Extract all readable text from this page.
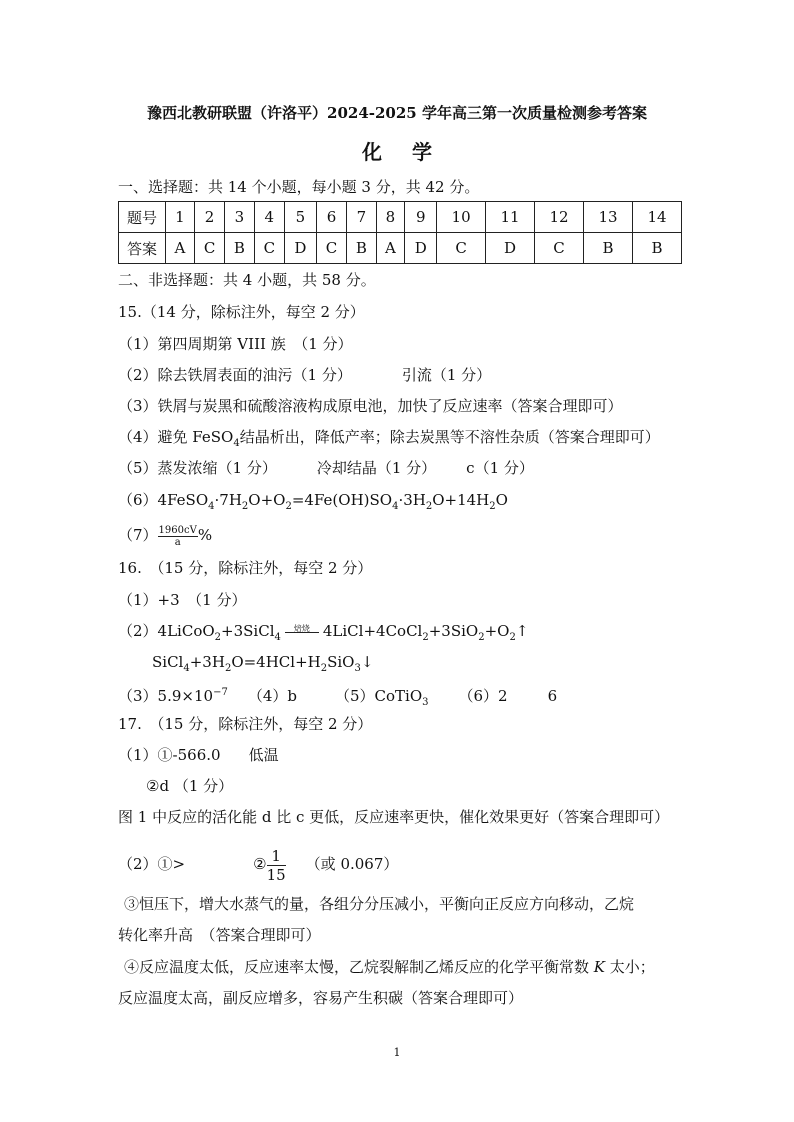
豫西北教研联盟（许洛平）2024-2025 学年高三第一次质量检测参考答案
化学
一、选择题：共 14 个小题，每小题 3 分，共 42 分。
题号	1	2	3	4	5	6	7	8	9	10	11	12	13	14
答案	A	C	B	C	D	C	B	A	D	C	D	C	B	B
二、非选择题：共 4 小题，共 58 分。
15.（14 分，除标注外，每空 2 分）
（1）第四周期第 VIII 族　（1 分）
（2）除去铁屑表面的油污（1 分）	引流（1 分）
（3）铁屑与炭黑和硫酸溶液构成原电池，加快了反应速率（答案合理即可）
（4）避免 FeSO$_4$结晶析出，降低产率；除去炭黑等不溶性杂质（答案合理即可）
（5）蒸发浓缩（1 分）	冷却结晶（1 分） c（1 分）
$(6)4FeSO_4\cdot 7H_2O+O_2=4Fe(OH)SO_4\cdot 3H_2O+14H_2O$
$(7) \frac{1960cV}{a}$ %
16.　（15 分，除标注外，每空 2 分）
（1）+3　（1 分）
（2）4LiCoO$_2$+3SiCl$_4$
焙烧 $4LiCl+4CoCl_2+3SiO_2+O_2↑$
$SiCl_4+3H_2O=4HCl+H_2SiO_3↓$
$(3)5.9\times 10^{-7}$ （4）b	（5）CoTiO$_3$ （6）2	6
17.　（15 分，除标注外，每空 2 分）
（1）①-566.0 低温
②d （1 分）
图 1 中反应的活化能 d 比 c 更低，反应速率更快，催化效果更好（答案合理即可）
（2）①>	② $\frac{1}{15}$ （或 0.067）
③恒压下，增大水蒸气的量，各组分分压减小，平衡向正反应方向移动，乙烷
转化率升高　（答案合理即可）
④反应温度太低，反应速率太慢，乙烷裂解制乙烯反应的化学平衡常数 K 太小；
反应温度太高，副反应增多，容易产生积碳（答案合理即可）
1
